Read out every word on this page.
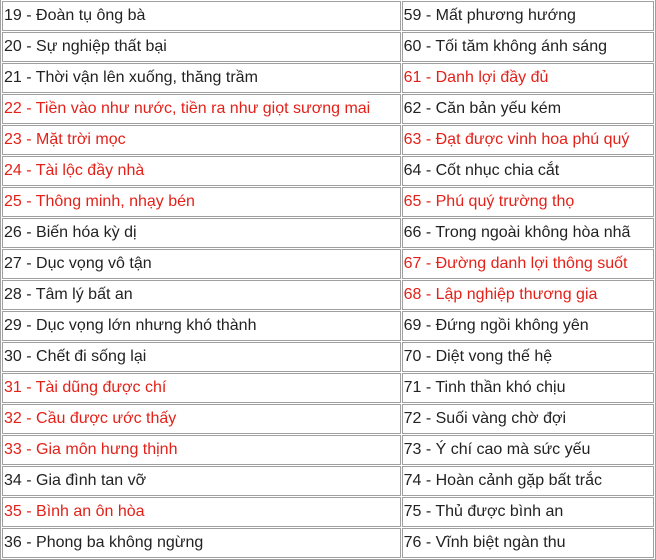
19 - Đoàn tụ ông bà	59 - Mất phương hướng
20 - Sự nghiệp thất bại	60 - Tối tăm không ánh sáng
21 - Thời vận lên xuống, thăng trầm	61 - Danh lợi đầy đủ
22 - Tiền vào như nước, tiền ra như giọt sương mai	62 - Căn bản yếu kém
23 - Mặt trời mọc	63 - Đạt được vinh hoa phú quý
24 - Tài lộc đầy nhà	64 - Cốt nhục chia cắt
25 - Thông minh, nhạy bén	65 - Phú quý trường thọ
26 - Biến hóa kỳ dị	66 - Trong ngoài không hòa nhã
27 - Dục vọng vô tận	67 - Đường danh lợi thông suốt
28 - Tâm lý bất an	68 - Lập nghiệp thương gia
29 - Dục vọng lớn nhưng khó thành	69 - Đứng ngồi không yên
30 - Chết đi sống lại	70 - Diệt vong thế hệ
31 - Tài dũng được chí	71 - Tinh thần khó chịu
32 - Cầu được ước thấy	72 - Suối vàng chờ đợi
33 - Gia môn hưng thịnh	73 - Ý chí cao mà sức yếu
34 - Gia đình tan vỡ	74 - Hoàn cảnh gặp bất trắc
35 - Bình an ôn hòa	75 - Thủ được bình an
36 - Phong ba không ngừng	76 - Vĩnh biệt ngàn thu
